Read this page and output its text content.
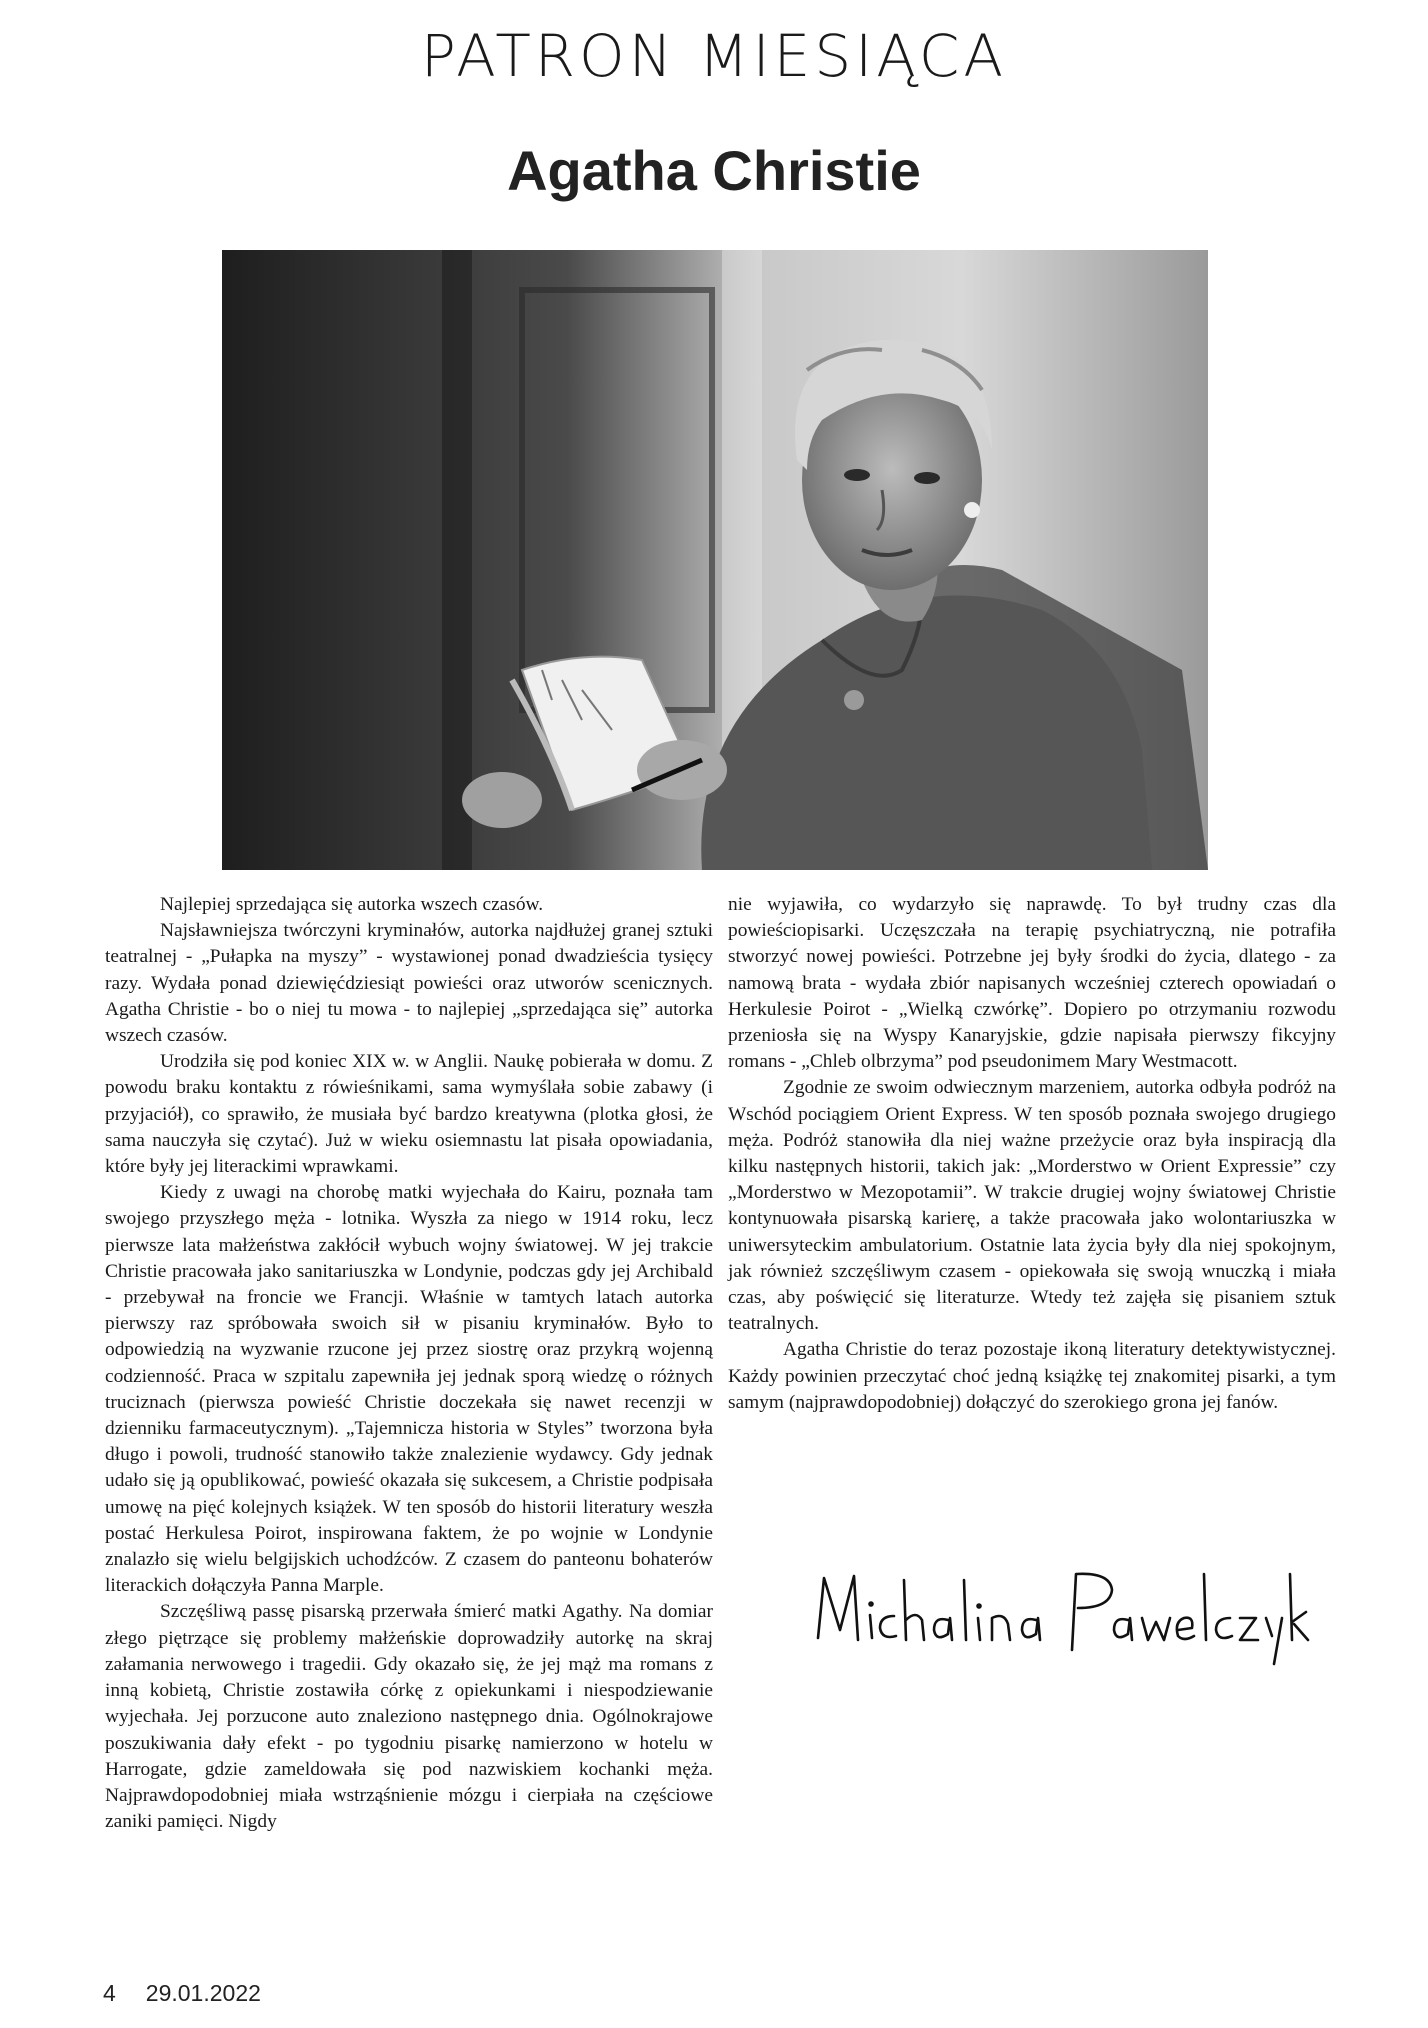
PATRON MIESIĄCA
Agatha Christie

Najlepiej sprzedająca się autorka wszech czasów.

Najsławniejsza twórczyni kryminałów, autorka najdłużej granej sztuki teatralnej - „Pułapka na myszy” - wystawionej ponad dwadzieścia tysięcy razy. Wydała ponad dziewięćdziesiąt powieści oraz utworów scenicznych. Agatha Christie - bo o niej tu mowa - to najlepiej „sprzedająca się” autorka wszech czasów.

Urodziła się pod koniec XIX w. w Anglii. Naukę pobierała w domu. Z powodu braku kontaktu z rówieśnikami, sama wymyślała sobie zabawy (i przyjaciół), co sprawiło, że musiała być bardzo kreatywna (plotka głosi, że sama nauczyła się czytać). Już w wieku osiemnastu lat pisała opowiadania, które były jej literackimi wprawkami.

Kiedy z uwagi na chorobę matki wyjechała do Kairu, poznała tam swojego przyszłego męża - lotnika. Wyszła za niego w 1914 roku, lecz pierwsze lata małżeństwa zakłócił wybuch wojny światowej. W jej trakcie Christie pracowała jako sanitariuszka w Londynie, podczas gdy jej Archibald - przebywał na froncie we Francji. Właśnie w tamtych latach autorka pierwszy raz spróbowała swoich sił w pisaniu kryminałów. Było to odpowiedzią na wyzwanie rzucone jej przez siostrę oraz przykrą wojenną codzienność. Praca w szpitalu zapewniła jej jednak sporą wiedzę o różnych truciznach (pierwsza powieść Christie doczekała się nawet recenzji w dzienniku farmaceutycznym). „Tajemnicza historia w Styles” tworzona była długo i powoli, trudność stanowiło także znalezienie wydawcy. Gdy jednak udało się ją opublikować, powieść okazała się sukcesem, a Christie podpisała umowę na pięć kolejnych książek. W ten sposób do historii literatury weszła postać Herkulesa Poirot, inspirowana faktem, że po wojnie w Londynie znalazło się wielu belgijskich uchodźców. Z czasem do panteonu bohaterów literackich dołączyła Panna Marple.

Szczęśliwą passę pisarską przerwała śmierć matki Agathy. Na domiar złego piętrzące się problemy małżeńskie doprowadziły autorkę na skraj załamania nerwowego i tragedii. Gdy okazało się, że jej mąż ma romans z inną kobietą, Christie zostawiła córkę z opiekunkami i niespodziewanie wyjechała. Jej porzucone auto znaleziono następnego dnia. Ogólnokrajowe poszukiwania dały efekt - po tygodniu pisarkę namierzono w hotelu w Harrogate, gdzie zameldowała się pod nazwiskiem kochanki męża. Najprawdopodobniej miała wstrząśnienie mózgu i cierpiała na częściowe zaniki pamięci. Nigdy

nie wyjawiła, co wydarzyło się naprawdę. To był trudny czas dla powieściopisarki. Uczęszczała na terapię psychiatryczną, nie potrafiła stworzyć nowej powieści. Potrzebne jej były środki do życia, dlatego - za namową brata - wydała zbiór napisanych wcześniej czterech opowiadań o Herkulesie Poirot - „Wielką czwórkę”. Dopiero po otrzymaniu rozwodu przeniosła się na Wyspy Kanaryjskie, gdzie napisała pierwszy fikcyjny romans - „Chleb olbrzyma” pod pseudonimem Mary Westmacott.

Zgodnie ze swoim odwiecznym marzeniem, autorka odbyła podróż na Wschód pociągiem Orient Express. W ten sposób poznała swojego drugiego męża. Podróż stanowiła dla niej ważne przeżycie oraz była inspiracją dla kilku następnych historii, takich jak: „Morderstwo w Orient Expressie” czy „Morderstwo w Mezopotamii”. W trakcie drugiej wojny światowej Christie kontynuowała pisarską karierę, a także pracowała jako wolontariuszka w uniwersyteckim ambulatorium. Ostatnie lata życia były dla niej spokojnym, jak również szczęśliwym czasem - opiekowała się swoją wnuczką i miała czas, aby poświęcić się literaturze. Wtedy też zajęła się pisaniem sztuk teatralnych.

Agatha Christie do teraz pozostaje ikoną literatury detektywistycznej. Każdy powinien przeczytać choć jedną książkę tej znakomitej pisarki, a tym samym (najprawdopodobniej) dołączyć do szerokiego grona jej fanów.

4 29.01.2022
